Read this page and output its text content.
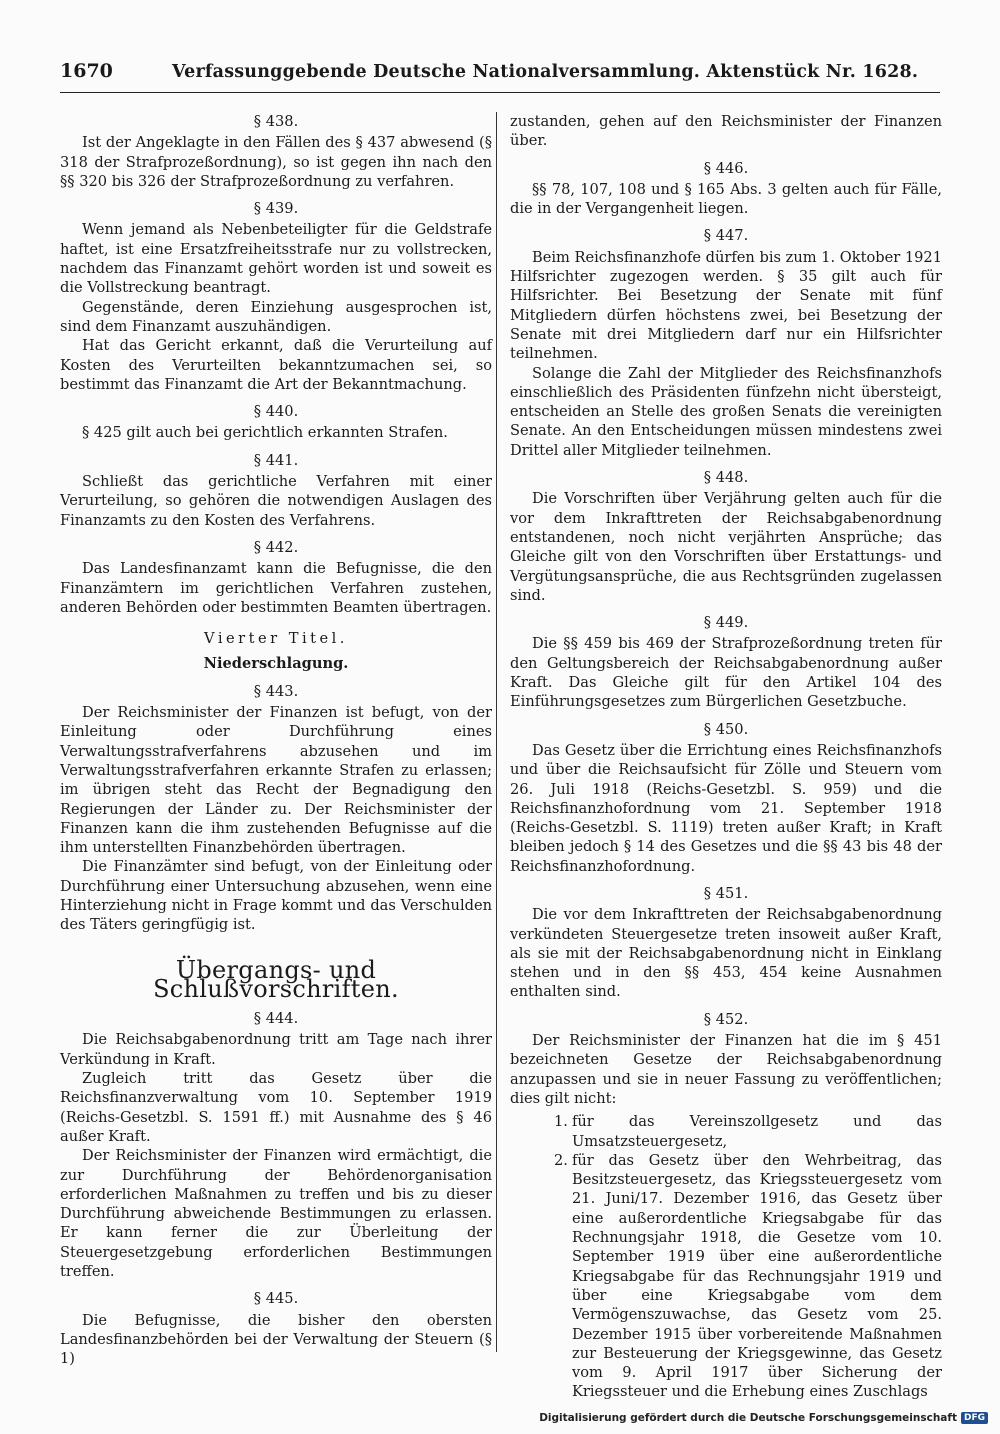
1670	Verfassunggebende Deutsche Nationalversammlung. Aktenstück Nr. 1628.
§ 438.

Ist der Angeklagte in den Fällen des § 437 abwesend (§ 318 der Strafprozeßordnung), so ist gegen ihn nach den §§ 320 bis 326 der Strafprozeßordnung zu verfahren.

§ 439.

Wenn jemand als Nebenbeteiligter für die Geldstrafe haftet, ist eine Ersatzfreiheitsstrafe nur zu vollstrecken, nachdem das Finanzamt gehört worden ist und soweit es die Vollstreckung beantragt.

Gegenstände, deren Einziehung ausgesprochen ist, sind dem Finanzamt auszuhändigen.

Hat das Gericht erkannt, daß die Verurteilung auf Kosten des Verurteilten bekanntzumachen sei, so bestimmt das Finanzamt die Art der Bekanntmachung.

§ 440.

§ 425 gilt auch bei gerichtlich erkannten Strafen.

§ 441.

Schließt das gerichtliche Verfahren mit einer Verurteilung, so gehören die notwendigen Auslagen des Finanzamts zu den Kosten des Verfahrens.

§ 442.

Das Landesfinanzamt kann die Befugnisse, die den Finanzämtern im gerichtlichen Verfahren zustehen, anderen Behörden oder bestimmten Beamten übertragen.

Vierter Titel.
Niederschlagung.
§ 443.

Der Reichsminister der Finanzen ist befugt, von der Einleitung oder Durchführung eines Verwaltungsstrafverfahrens abzusehen und im Verwaltungsstrafverfahren erkannte Strafen zu erlassen; im übrigen steht das Recht der Begnadigung den Regierungen der Länder zu. Der Reichsminister der Finanzen kann die ihm zustehenden Befugnisse auf die ihm unterstellten Finanzbehörden übertragen.

Die Finanzämter sind befugt, von der Einleitung oder Durchführung einer Untersuchung abzusehen, wenn eine Hinterziehung nicht in Frage kommt und das Verschulden des Täters geringfügig ist.

Übergangs- und Schlußvorschriften.
§ 444.

Die Reichsabgabenordnung tritt am Tage nach ihrer Verkündung in Kraft.

Zugleich tritt das Gesetz über die Reichsfinanzverwaltung vom 10. September 1919 (Reichs-Gesetzbl. S. 1591 ff.) mit Ausnahme des § 46 außer Kraft.

Der Reichsminister der Finanzen wird ermächtigt, die zur Durchführung der Behördenorganisation erforderlichen Maßnahmen zu treffen und bis zu dieser Durchführung abweichende Bestimmungen zu erlassen. Er kann ferner die zur Überleitung der Steuergesetzgebung erforderlichen Bestimmungen treffen.

§ 445.

Die Befugnisse, die bisher den obersten Landesfinanzbehörden bei der Verwaltung der Steuern (§ 1)

zustanden, gehen auf den Reichsminister der Finanzen über.

§ 446.

§§ 78, 107, 108 und § 165 Abs. 3 gelten auch für Fälle, die in der Vergangenheit liegen.

§ 447.

Beim Reichsfinanzhofe dürfen bis zum 1. Oktober 1921 Hilfsrichter zugezogen werden. § 35 gilt auch für Hilfsrichter. Bei Besetzung der Senate mit fünf Mitgliedern dürfen höchstens zwei, bei Besetzung der Senate mit drei Mitgliedern darf nur ein Hilfsrichter teilnehmen.

Solange die Zahl der Mitglieder des Reichsfinanzhofs einschließlich des Präsidenten fünfzehn nicht übersteigt, entscheiden an Stelle des großen Senats die vereinigten Senate. An den Entscheidungen müssen mindestens zwei Drittel aller Mitglieder teilnehmen.

§ 448.

Die Vorschriften über Verjährung gelten auch für die vor dem Inkrafttreten der Reichsabgabenordnung entstandenen, noch nicht verjährten Ansprüche; das Gleiche gilt von den Vorschriften über Erstattungs- und Vergütungsansprüche, die aus Rechtsgründen zugelassen sind.

§ 449.

Die §§ 459 bis 469 der Strafprozeßordnung treten für den Geltungsbereich der Reichsabgabenordnung außer Kraft. Das Gleiche gilt für den Artikel 104 des Einführungsgesetzes zum Bürgerlichen Gesetzbuche.

§ 450.

Das Gesetz über die Errichtung eines Reichsfinanzhofs und über die Reichsaufsicht für Zölle und Steuern vom 26. Juli 1918 (Reichs-Gesetzbl. S. 959) und die Reichsfinanzhofordnung vom 21. September 1918 (Reichs-Gesetzbl. S. 1119) treten außer Kraft; in Kraft bleiben jedoch § 14 des Gesetzes und die §§ 43 bis 48 der Reichsfinanzhofordnung.

§ 451.

Die vor dem Inkrafttreten der Reichsabgabenordnung verkündeten Steuergesetze treten insoweit außer Kraft, als sie mit der Reichsabgabenordnung nicht in Einklang stehen und in den §§ 453, 454 keine Ausnahmen enthalten sind.

§ 452.

Der Reichsminister der Finanzen hat die im § 451 bezeichneten Gesetze der Reichsabgabenordnung anzupassen und sie in neuer Fassung zu veröffentlichen; dies gilt nicht:

1. für das Vereinszollgesetz und das Umsatzsteuergesetz,
2. für das Gesetz über den Wehrbeitrag, das Besitzsteuergesetz, das Kriegssteuergesetz vom 21. Juni/17. Dezember 1916, das Gesetz über eine außerordentliche Kriegsabgabe für das Rechnungsjahr 1918, die Gesetze vom 10. September 1919 über eine außerordentliche Kriegsabgabe für das Rechnungsjahr 1919 und über eine Kriegsabgabe vom dem Vermögenszuwachse, das Gesetz vom 25. Dezember 1915 über vorbereitende Maßnahmen zur Besteuerung der Kriegsgewinne, das Gesetz vom 9. April 1917 über Sicherung der Kriegssteuer und die Erhebung eines Zuschlags
Digitalisierung gefördert durch die Deutsche Forschungsgemeinschaft DFG
